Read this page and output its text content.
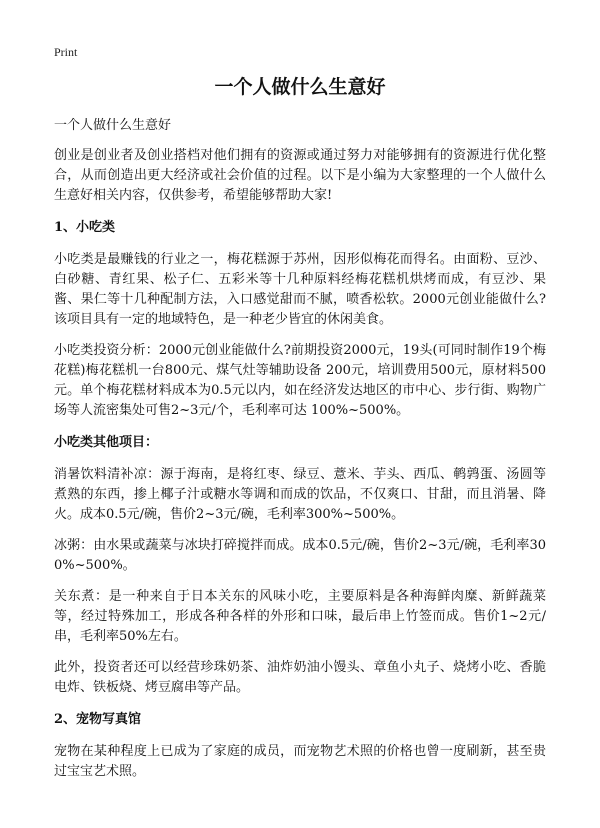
Print
一个人做什么生意好
一个人做什么生意好

创业是创业者及创业搭档对他们拥有的资源或通过努力对能够拥有的资源进行优化整合，从而创造出更大经济或社会价值的过程。以下是小编为大家整理的一个人做什么生意好相关内容，仅供参考，希望能够帮助大家!

1、小吃类

小吃类是最赚钱的行业之一，梅花糕源于苏州，因形似梅花而得名。由面粉、豆沙、白砂糖、青红果、松子仁、五彩米等十几种原料经梅花糕机烘烤而成，有豆沙、果酱、果仁等十几种配制方法，入口感觉甜而不腻，喷香松软。2000元创业能做什么?该项目具有一定的地域特色，是一种老少皆宜的休闲美食。

小吃类投资分析：2000元创业能做什么?前期投资2000元，19头(可同时制作19个梅花糕)梅花糕机一台800元、煤气灶等辅助设备 200元，培训费用500元，原材料500元。单个梅花糕材料成本为0.5元以内，如在经济发达地区的市中心、步行街、购物广场等人流密集处可售2~3元/个，毛利率可达 100%~500%。

小吃类其他项目：

消暑饮料清补凉：源于海南，是将红枣、绿豆、薏米、芋头、西瓜、鹌鹑蛋、汤圆等煮熟的东西，掺上椰子汁或糖水等调和而成的饮品，不仅爽口、甘甜，而且消暑、降火。成本0.5元/碗，售价2~3元/碗，毛利率300%~500%。

冰粥：由水果或蔬菜与冰块打碎搅拌而成。成本0.5元/碗，售价2~3元/碗，毛利率300%~500%。

关东煮：是一种来自于日本关东的风味小吃，主要原料是各种海鲜肉糜、新鲜蔬菜等，经过特殊加工，形成各种各样的外形和口味，最后串上竹签而成。售价1~2元/串，毛利率50%左右。

此外，投资者还可以经营珍珠奶茶、油炸奶油小馒头、章鱼小丸子、烧烤小吃、香脆电炸、铁板烧、烤豆腐串等产品。

2、宠物写真馆

宠物在某种程度上已成为了家庭的成员，而宠物艺术照的价格也曾一度刷新，甚至贵过宝宝艺术照。
